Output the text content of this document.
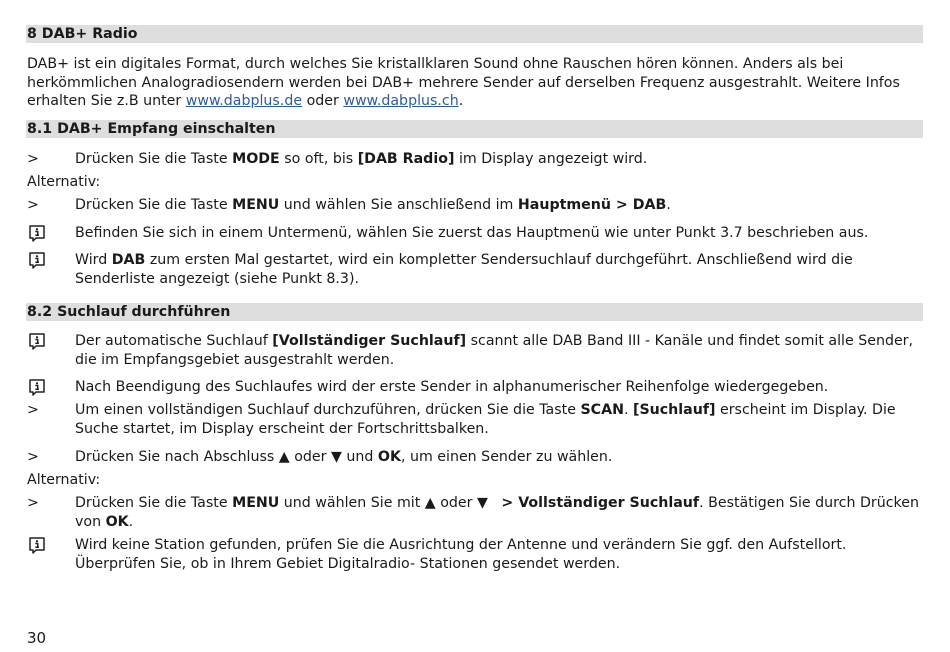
8 DAB+ Radio
DAB+ ist ein digitales Format, durch welches Sie kristallklaren Sound ohne Rauschen hören können. Anders als bei herkömmlichen Analogradiosendern werden bei DAB+ mehrere Sender auf derselben Frequenz ausgestrahlt. Weitere Infos erhalten Sie z.B unter www.dabplus.de oder www.dabplus.ch.
8.1 DAB+ Empfang einschalten
>	Drücken Sie die Taste MODE so oft, bis [DAB Radio] im Display angezeigt wird.
Alternativ:
>	Drücken Sie die Taste MENU und wählen Sie anschließend im Hauptmenü > DAB.
Befinden Sie sich in einem Untermenü, wählen Sie zuerst das Hauptmenü wie unter Punkt 3.7 beschrieben aus.
Wird DAB zum ersten Mal gestartet, wird ein kompletter Sendersuchlauf durchgeführt. Anschließend wird die Senderliste angezeigt (siehe Punkt 8.3).
8.2 Suchlauf durchführen
Der automatische Suchlauf [Vollständiger Suchlauf] scannt alle DAB Band III - Kanäle und findet somit alle Sender, die im Empfangsgebiet ausgestrahlt werden.
Nach Beendigung des Suchlaufes wird der erste Sender in alphanumerischer Reihenfolge wiedergegeben.
>	Um einen vollständigen Suchlauf durchzuführen, drücken Sie die Taste SCAN. [Suchlauf] erscheint im Display. Die Suche startet, im Display erscheint der Fortschrittsbalken.
>	Drücken Sie nach Abschluss ▲ oder ▼ und OK, um einen Sender zu wählen.
Alternativ:
>	Drücken Sie die Taste MENU und wählen Sie mit ▲ oder ▼   > Vollständiger Suchlauf. Bestätigen Sie durch Drücken von OK.
Wird keine Station gefunden, prüfen Sie die Ausrichtung der Antenne und verändern Sie ggf. den Aufstellort. Überprüfen Sie, ob in Ihrem Gebiet Digitalradio- Stationen gesendet werden.
30
